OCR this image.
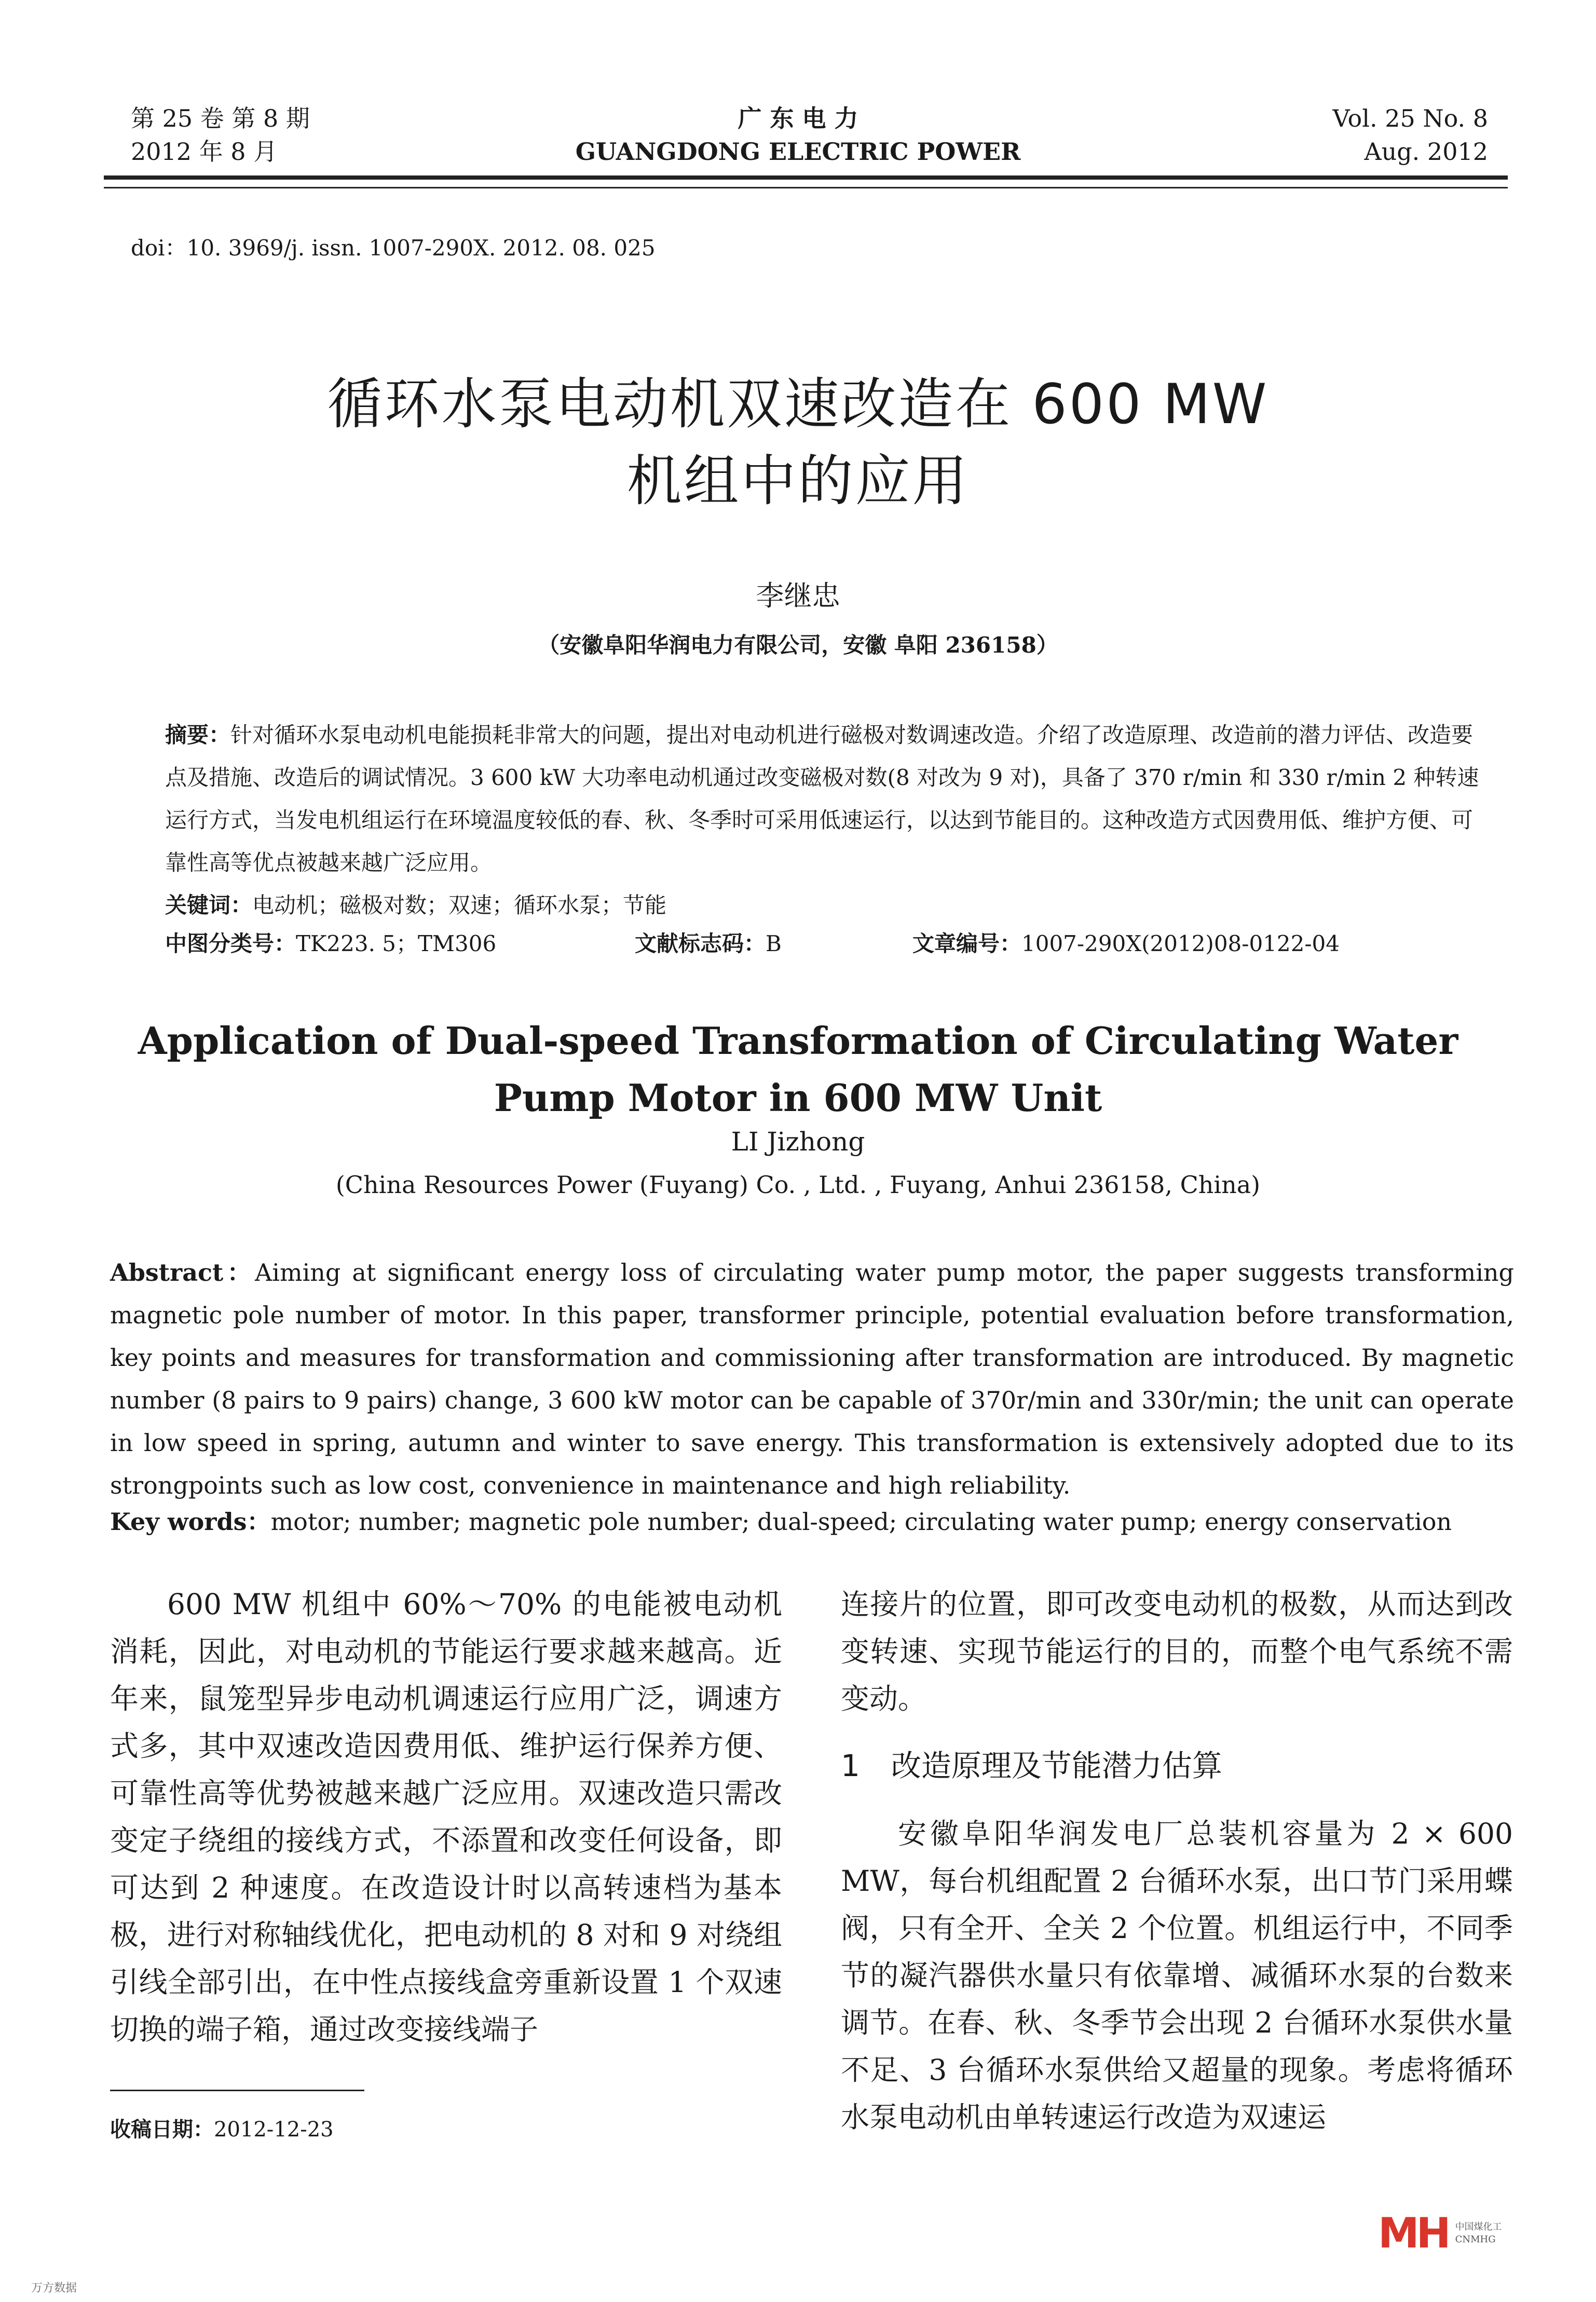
第 25 卷 第 8 期
2012 年 8 月
广 东 电 力
GUANGDONG ELECTRIC POWER
Vol. 25 No. 8
Aug. 2012
doi：10. 3969/j. issn. 1007-290X. 2012. 08. 025
循环水泵电动机双速改造在 600 MW
机组中的应用
李继忠
（安徽阜阳华润电力有限公司，安徽 阜阳 236158）
摘要：针对循环水泵电动机电能损耗非常大的问题，提出对电动机进行磁极对数调速改造。介绍了改造原理、改造前的潜力评估、改造要点及措施、改造后的调试情况。3 600 kW 大功率电动机通过改变磁极对数(8 对改为 9 对)，具备了 370 r/min 和 330 r/min 2 种转速运行方式，当发电机组运行在环境温度较低的春、秋、冬季时可采用低速运行，以达到节能目的。这种改造方式因费用低、维护方便、可靠性高等优点被越来越广泛应用。
关键词：电动机；磁极对数；双速；循环水泵；节能
中图分类号：TK223. 5；TM306	文献标志码：B	文章编号：1007-290X(2012)08-0122-04
Application of Dual-speed Transformation of Circulating Water
Pump Motor in 600 MW Unit
LI Jizhong
(China Resources Power (Fuyang) Co. , Ltd. , Fuyang, Anhui 236158, China)
Abstract：Aiming at significant energy loss of circulating water pump motor, the paper suggests transforming magnetic pole number of motor. In this paper, transformer principle, potential evaluation before transformation, key points and measures for transformation and commissioning after transformation are introduced. By magnetic number (8 pairs to 9 pairs) change, 3 600 kW motor can be capable of 370r/min and 330r/min; the unit can operate in low speed in spring, autumn and winter to save energy. This transformation is extensively adopted due to its strongpoints such as low cost, convenience in maintenance and high reliability.
Key words：motor; number; magnetic pole number; dual-speed; circulating water pump; energy conservation

600 MW 机组中 60%～70% 的电能被电动机消耗，因此，对电动机的节能运行要求越来越高。近年来，鼠笼型异步电动机调速运行应用广泛，调速方式多，其中双速改造因费用低、维护运行保养方便、可靠性高等优势被越来越广泛应用。双速改造只需改变定子绕组的接线方式，不添置和改变任何设备，即可达到 2 种速度。在改造设计时以高转速档为基本极，进行对称轴线优化，把电动机的 8 对和 9 对绕组引线全部引出，在中性点接线盒旁重新设置 1 个双速切换的端子箱，通过改变接线端子

连接片的位置，即可改变电动机的极数，从而达到改变转速、实现节能运行的目的，而整个电气系统不需变动。

1 改造原理及节能潜力估算

安徽阜阳华润发电厂总装机容量为 2 × 600 MW，每台机组配置 2 台循环水泵，出口节门采用蝶阀，只有全开、全关 2 个位置。机组运行中，不同季节的凝汽器供水量只有依靠增、减循环水泵的台数来调节。在春、秋、冬季节会出现 2 台循环水泵供水量不足、3 台循环水泵供给又超量的现象。考虑将循环水泵电动机由单转速运行改造为双速运

收稿日期：2012-12-23
MH 中国煤化工
CNMHG
万方数据
